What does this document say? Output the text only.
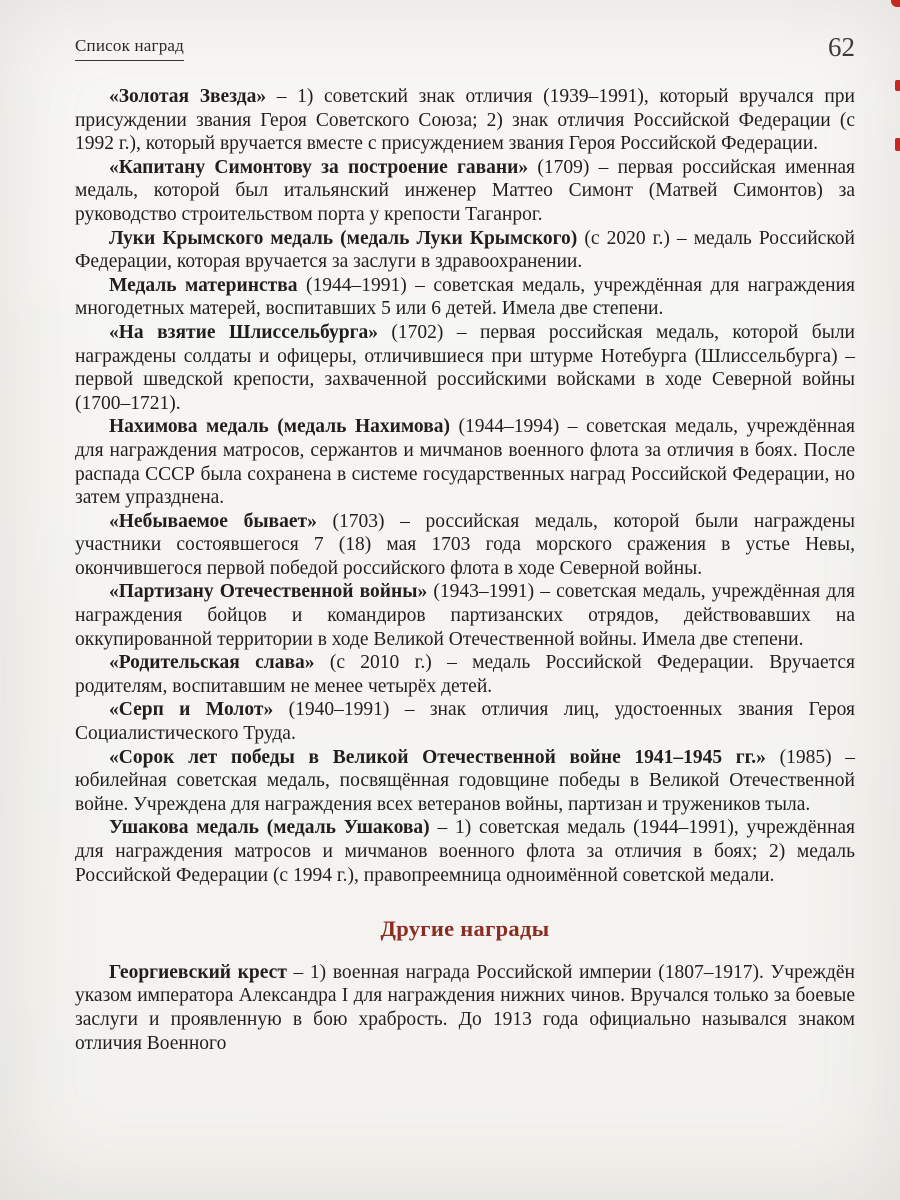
Список наград	62

«Золотая Звезда» – 1) советский знак отличия (1939–1991), который вручался при присуждении звания Героя Советского Союза; 2) знак отличия Российской Федерации (с 1992 г.), который вручается вместе с присуждением звания Героя Российской Федерации.

«Капитану Симонтову за построение гавани» (1709) – первая российская именная медаль, которой был итальянский инженер Маттео Симонт (Матвей Симонтов) за руководство строительством порта у крепости Таганрог.

Луки Крымского медаль (медаль Луки Крымского) (с 2020 г.) – медаль Российской Федерации, которая вручается за заслуги в здравоохранении.

Медаль материнства (1944–1991) – советская медаль, учреждённая для награждения многодетных матерей, воспитавших 5 или 6 детей. Имела две степени.

«На взятие Шлиссельбурга» (1702) – первая российская медаль, которой были награждены солдаты и офицеры, отличившиеся при штурме Нотебурга (Шлиссельбурга) – первой шведской крепости, захваченной российскими войсками в ходе Северной войны (1700–1721).

Нахимова медаль (медаль Нахимова) (1944–1994) – советская медаль, учреждённая для награждения матросов, сержантов и мичманов военного флота за отличия в боях. После распада СССР была сохранена в системе государственных наград Российской Федерации, но затем упразднена.

«Небываемое бывает» (1703) – российская медаль, которой были награждены участники состоявшегося 7 (18) мая 1703 года морского сражения в устье Невы, окончившегося первой победой российского флота в ходе Северной войны.

«Партизану Отечественной войны» (1943–1991) – советская медаль, учреждённая для награждения бойцов и командиров партизанских отрядов, действовавших на оккупированной территории в ходе Великой Отечественной войны. Имела две степени.

«Родительская слава» (с 2010 г.) – медаль Российской Федерации. Вручается родителям, воспитавшим не менее четырёх детей.

«Серп и Молот» (1940–1991) – знак отличия лиц, удостоенных звания Героя Социалистического Труда.

«Сорок лет победы в Великой Отечественной войне 1941–1945 гг.» (1985) – юбилейная советская медаль, посвящённая годовщине победы в Великой Отечественной войне. Учреждена для награждения всех ветеранов войны, партизан и тружеников тыла.

Ушакова медаль (медаль Ушакова) – 1) советская медаль (1944–1991), учреждённая для награждения матросов и мичманов военного флота за отличия в боях; 2) медаль Российской Федерации (с 1994 г.), правопреемница одноимённой советской медали.

Другие награды

Георгиевский крест – 1) военная награда Российской империи (1807–1917). Учреждён указом императора Александра I для награждения нижних чинов. Вручался только за боевые заслуги и проявленную в бою храбрость. До 1913 года официально назывался знаком отличия Военного
